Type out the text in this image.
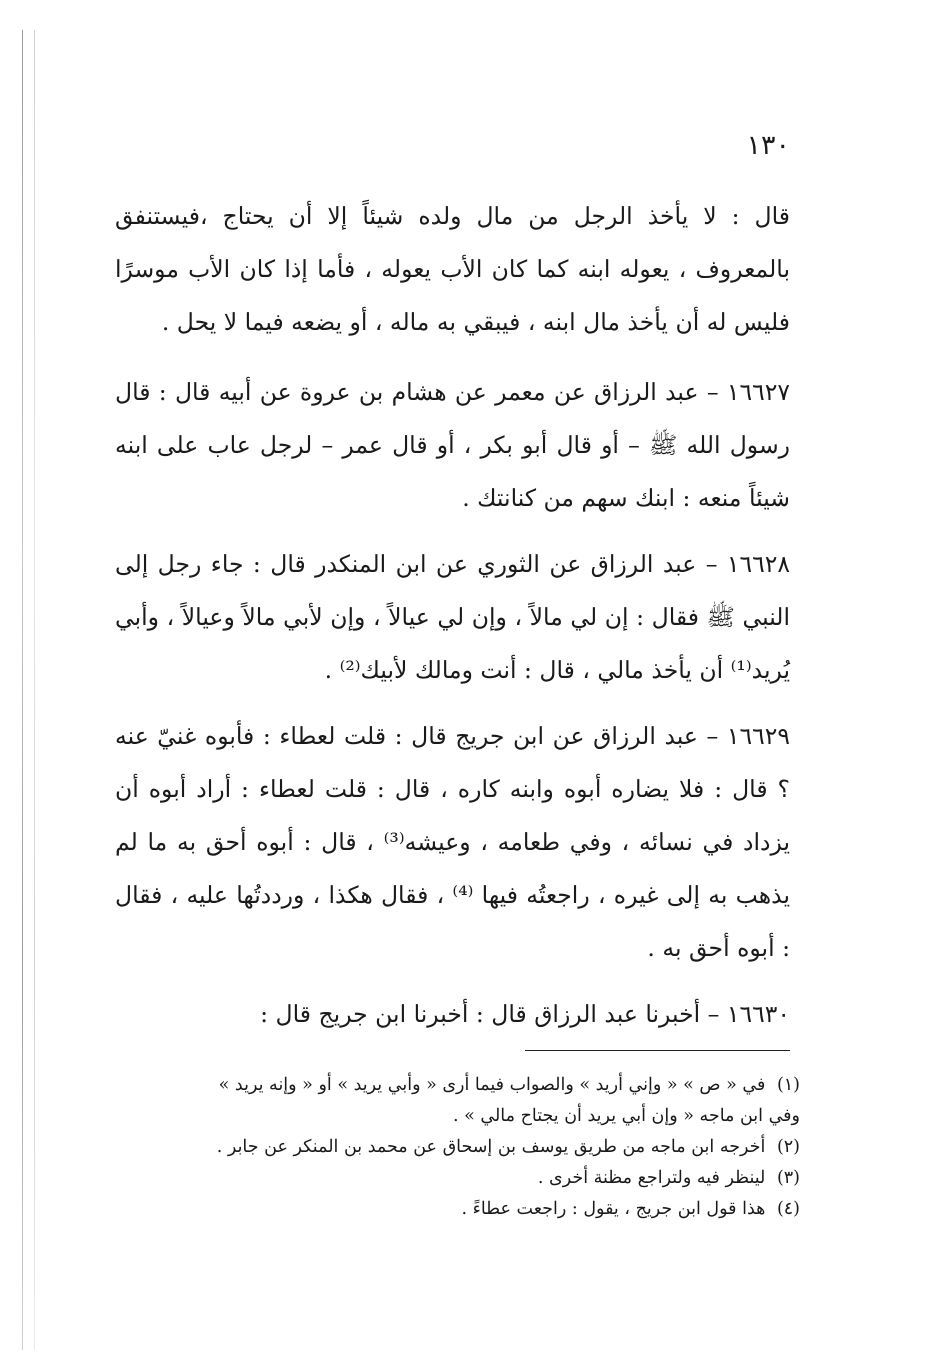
١٣٠

قال : لا يأخذ الرجل من مال ولده شيئاً إلا أن يحتاج ،فيستنفق بالمعروف ، يعوله ابنه كما كان الأب يعوله ، فأما إذا كان الأب موسرًا فليس له أن يأخذ مال ابنه ، فيبقي به ماله ، أو يضعه فيما لا يحل .

١٦٦٢٧ – عبد الرزاق عن معمر عن هشام بن عروة عن أبيه قال : قال رسول الله ﷺ – أو قال أبو بكر ، أو قال عمر – لرجل عاب على ابنه شيئاً منعه : ابنك سهم من كنانتك .

١٦٦٢٨ – عبد الرزاق عن الثوري عن ابن المنكدر قال : جاء رجل إلى النبي ﷺ فقال : إن لي مالاً ، وإن لي عيالاً ، وإن لأبي مالاً وعيالاً ، وأبي يُريد⁽¹⁾ أن يأخذ مالي ، قال : أنت ومالك لأبيك⁽²⁾ .

١٦٦٢٩ – عبد الرزاق عن ابن جريج قال : قلت لعطاء : فأبوه غنيّ عنه ؟ قال : فلا يضاره أبوه وابنه كاره ، قال : قلت لعطاء : أراد أبوه أن يزداد في نسائه ، وفي طعامه ، وعيشه⁽³⁾ ، قال : أبوه أحق به ما لم يذهب به إلى غيره ، راجعتُه فيها ⁽⁴⁾ ، فقال هكذا ، ورددتُها عليه ، فقال : أبوه أحق به .

١٦٦٣٠ – أخبرنا عبد الرزاق قال : أخبرنا ابن جريج قال :

(١) في « ص » « وإني أريد » والصواب فيما أرى « وأبي يريد » أو « وإنه يريد »

وفي ابن ماجه « وإن أبي يريد أن يجتاح مالي » .

(٢) أخرجه ابن ماجه من طريق يوسف بن إسحاق عن محمد بن المنكر عن جابر .

(٣) لينظر فيه ولتراجع مظنة أخرى .

(٤) هذا قول ابن جريج ، يقول : راجعت عطاءً .
